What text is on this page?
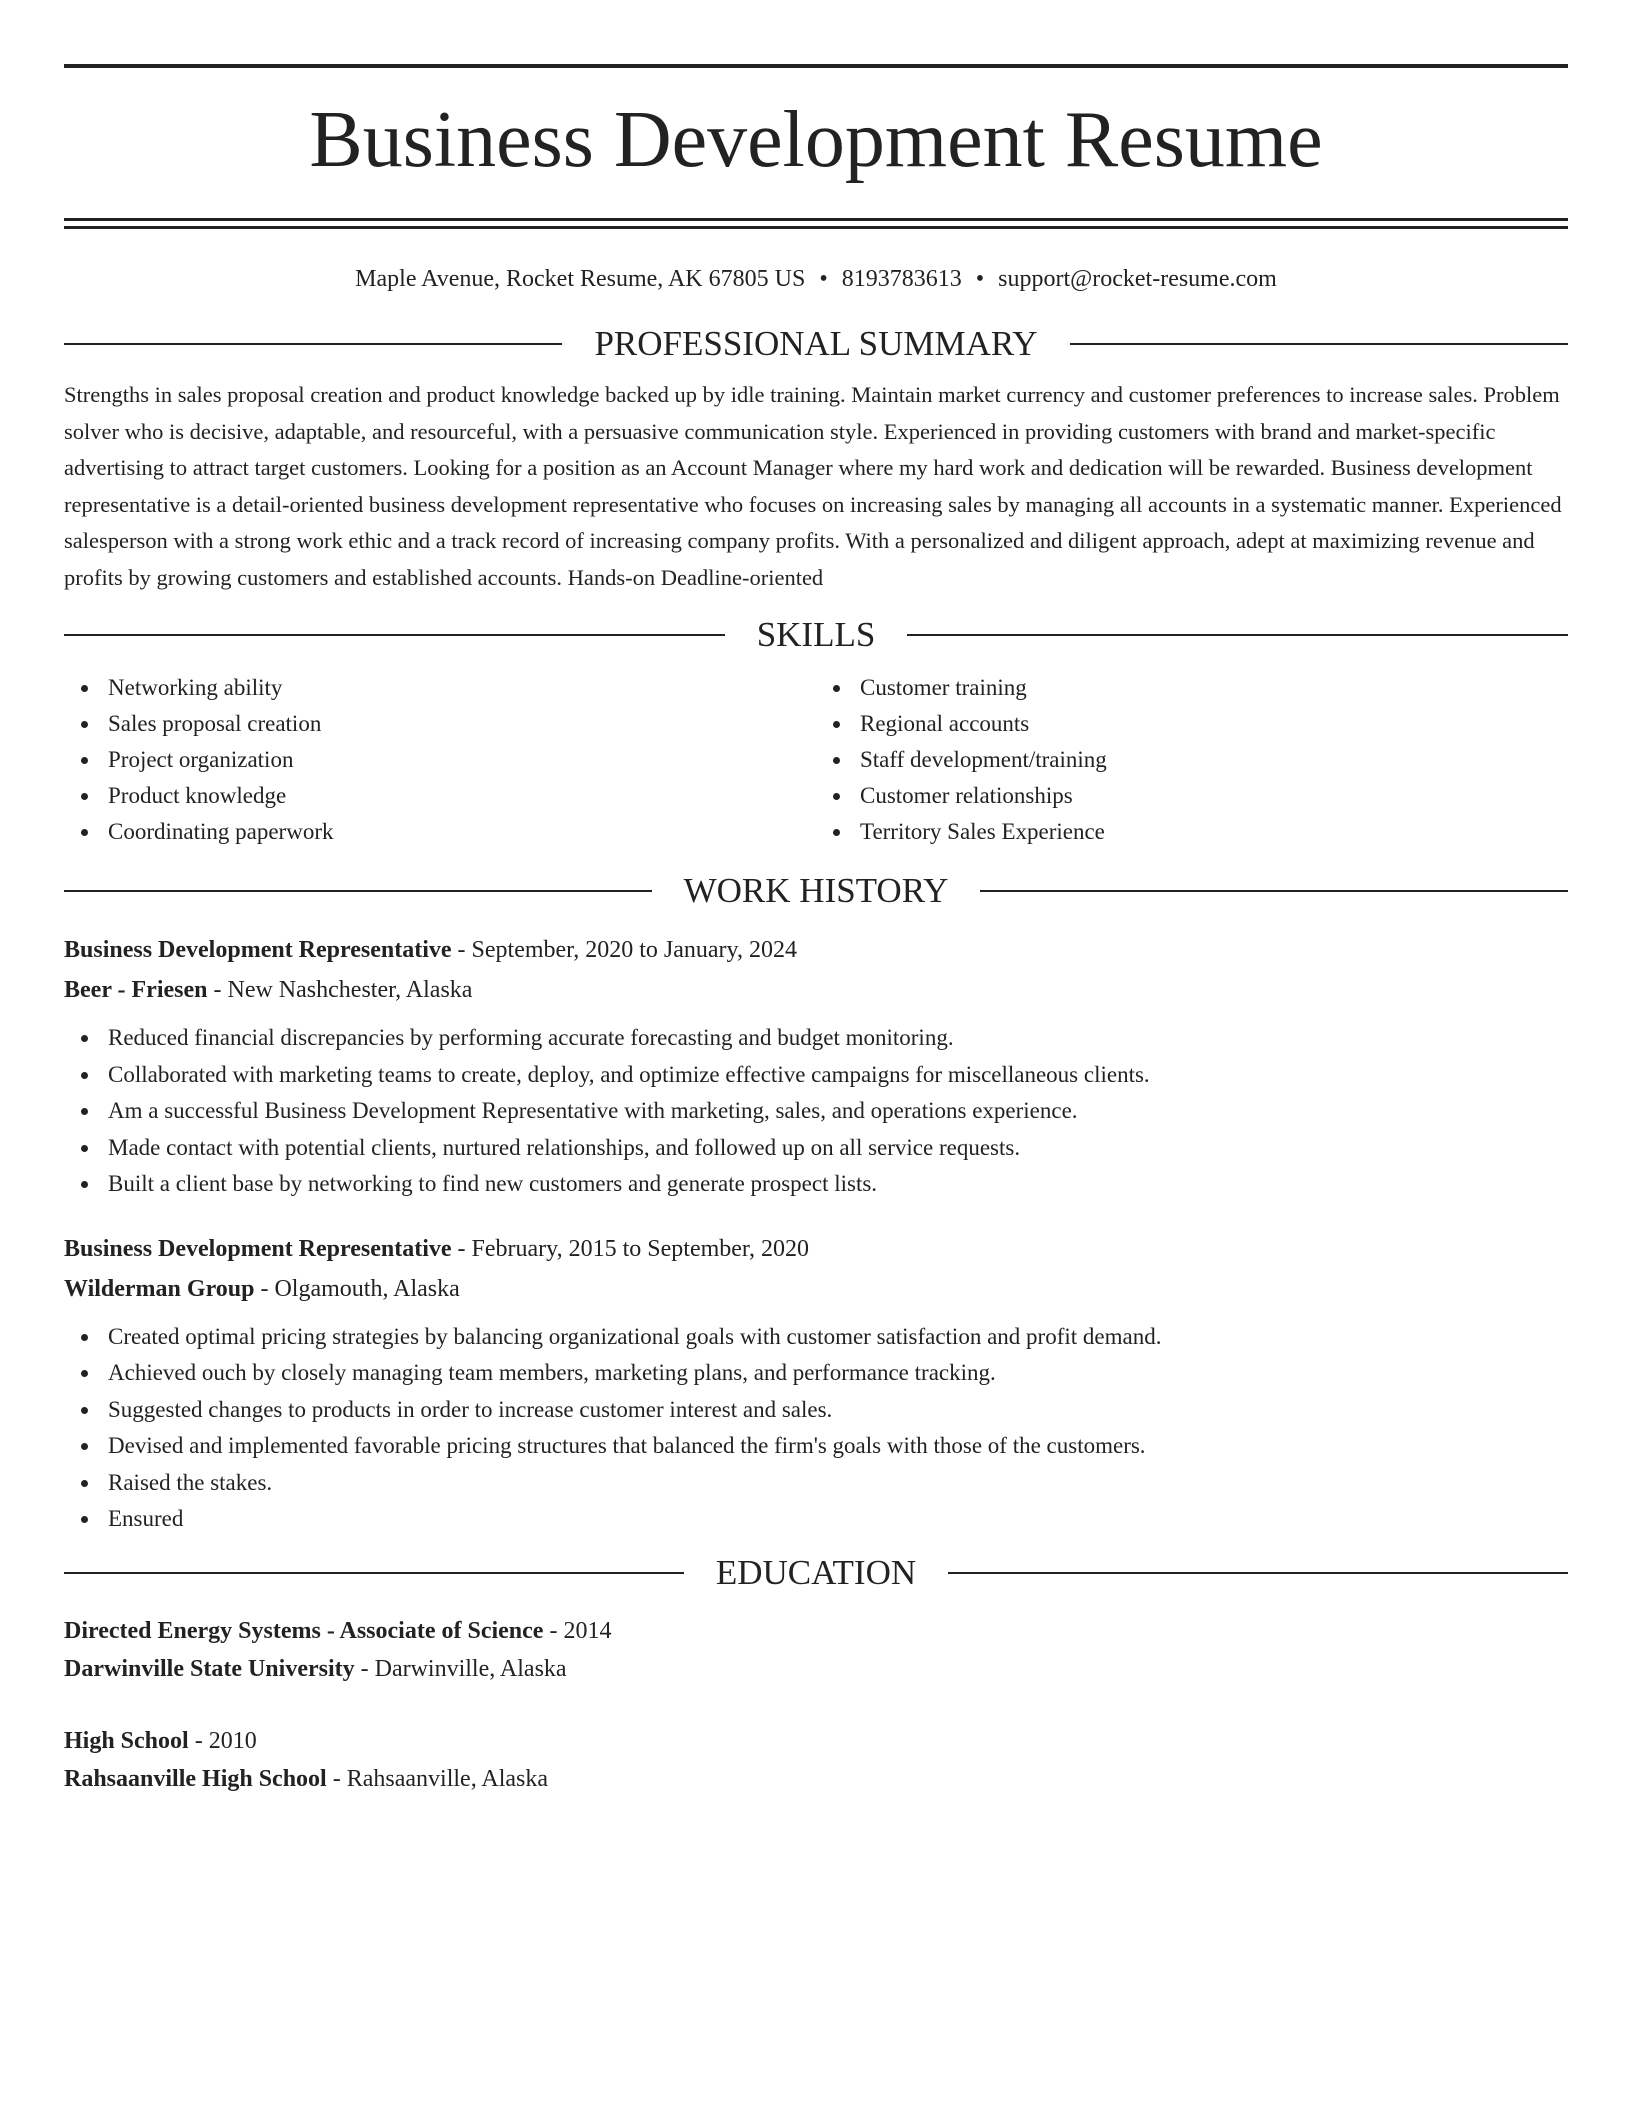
Business Development Resume
Maple Avenue, Rocket Resume, AK 67805 US • 8193783613 • support@rocket-resume.com
PROFESSIONAL SUMMARY

Strengths in sales proposal creation and product knowledge backed up by idle training. Maintain market currency and customer preferences to increase sales. Problem solver who is decisive, adaptable, and resourceful, with a persuasive communication style. Experienced in providing customers with brand and market-specific advertising to attract target customers. Looking for a position as an Account Manager where my hard work and dedication will be rewarded. Business development representative is a detail-oriented business development representative who focuses on increasing sales by managing all accounts in a systematic manner. Experienced salesperson with a strong work ethic and a track record of increasing company profits. With a personalized and diligent approach, adept at maximizing revenue and profits by growing customers and established accounts. Hands-on Deadline-oriented

SKILLS
Networking ability
Sales proposal creation
Project organization
Product knowledge
Coordinating paperwork
Customer training
Regional accounts
Staff development/training
Customer relationships
Territory Sales Experience
WORK HISTORY
Business Development Representative - September, 2020 to January, 2024
Beer - Friesen - New Nashchester, Alaska
Reduced financial discrepancies by performing accurate forecasting and budget monitoring.
Collaborated with marketing teams to create, deploy, and optimize effective campaigns for miscellaneous clients.
Am a successful Business Development Representative with marketing, sales, and operations experience.
Made contact with potential clients, nurtured relationships, and followed up on all service requests.
Built a client base by networking to find new customers and generate prospect lists.
Business Development Representative - February, 2015 to September, 2020
Wilderman Group - Olgamouth, Alaska
Created optimal pricing strategies by balancing organizational goals with customer satisfaction and profit demand.
Achieved ouch by closely managing team members, marketing plans, and performance tracking.
Suggested changes to products in order to increase customer interest and sales.
Devised and implemented favorable pricing structures that balanced the firm's goals with those of the customers.
Raised the stakes.
Ensured
EDUCATION
Directed Energy Systems - Associate of Science - 2014
Darwinville State University - Darwinville, Alaska
High School - 2010
Rahsaanville High School - Rahsaanville, Alaska
